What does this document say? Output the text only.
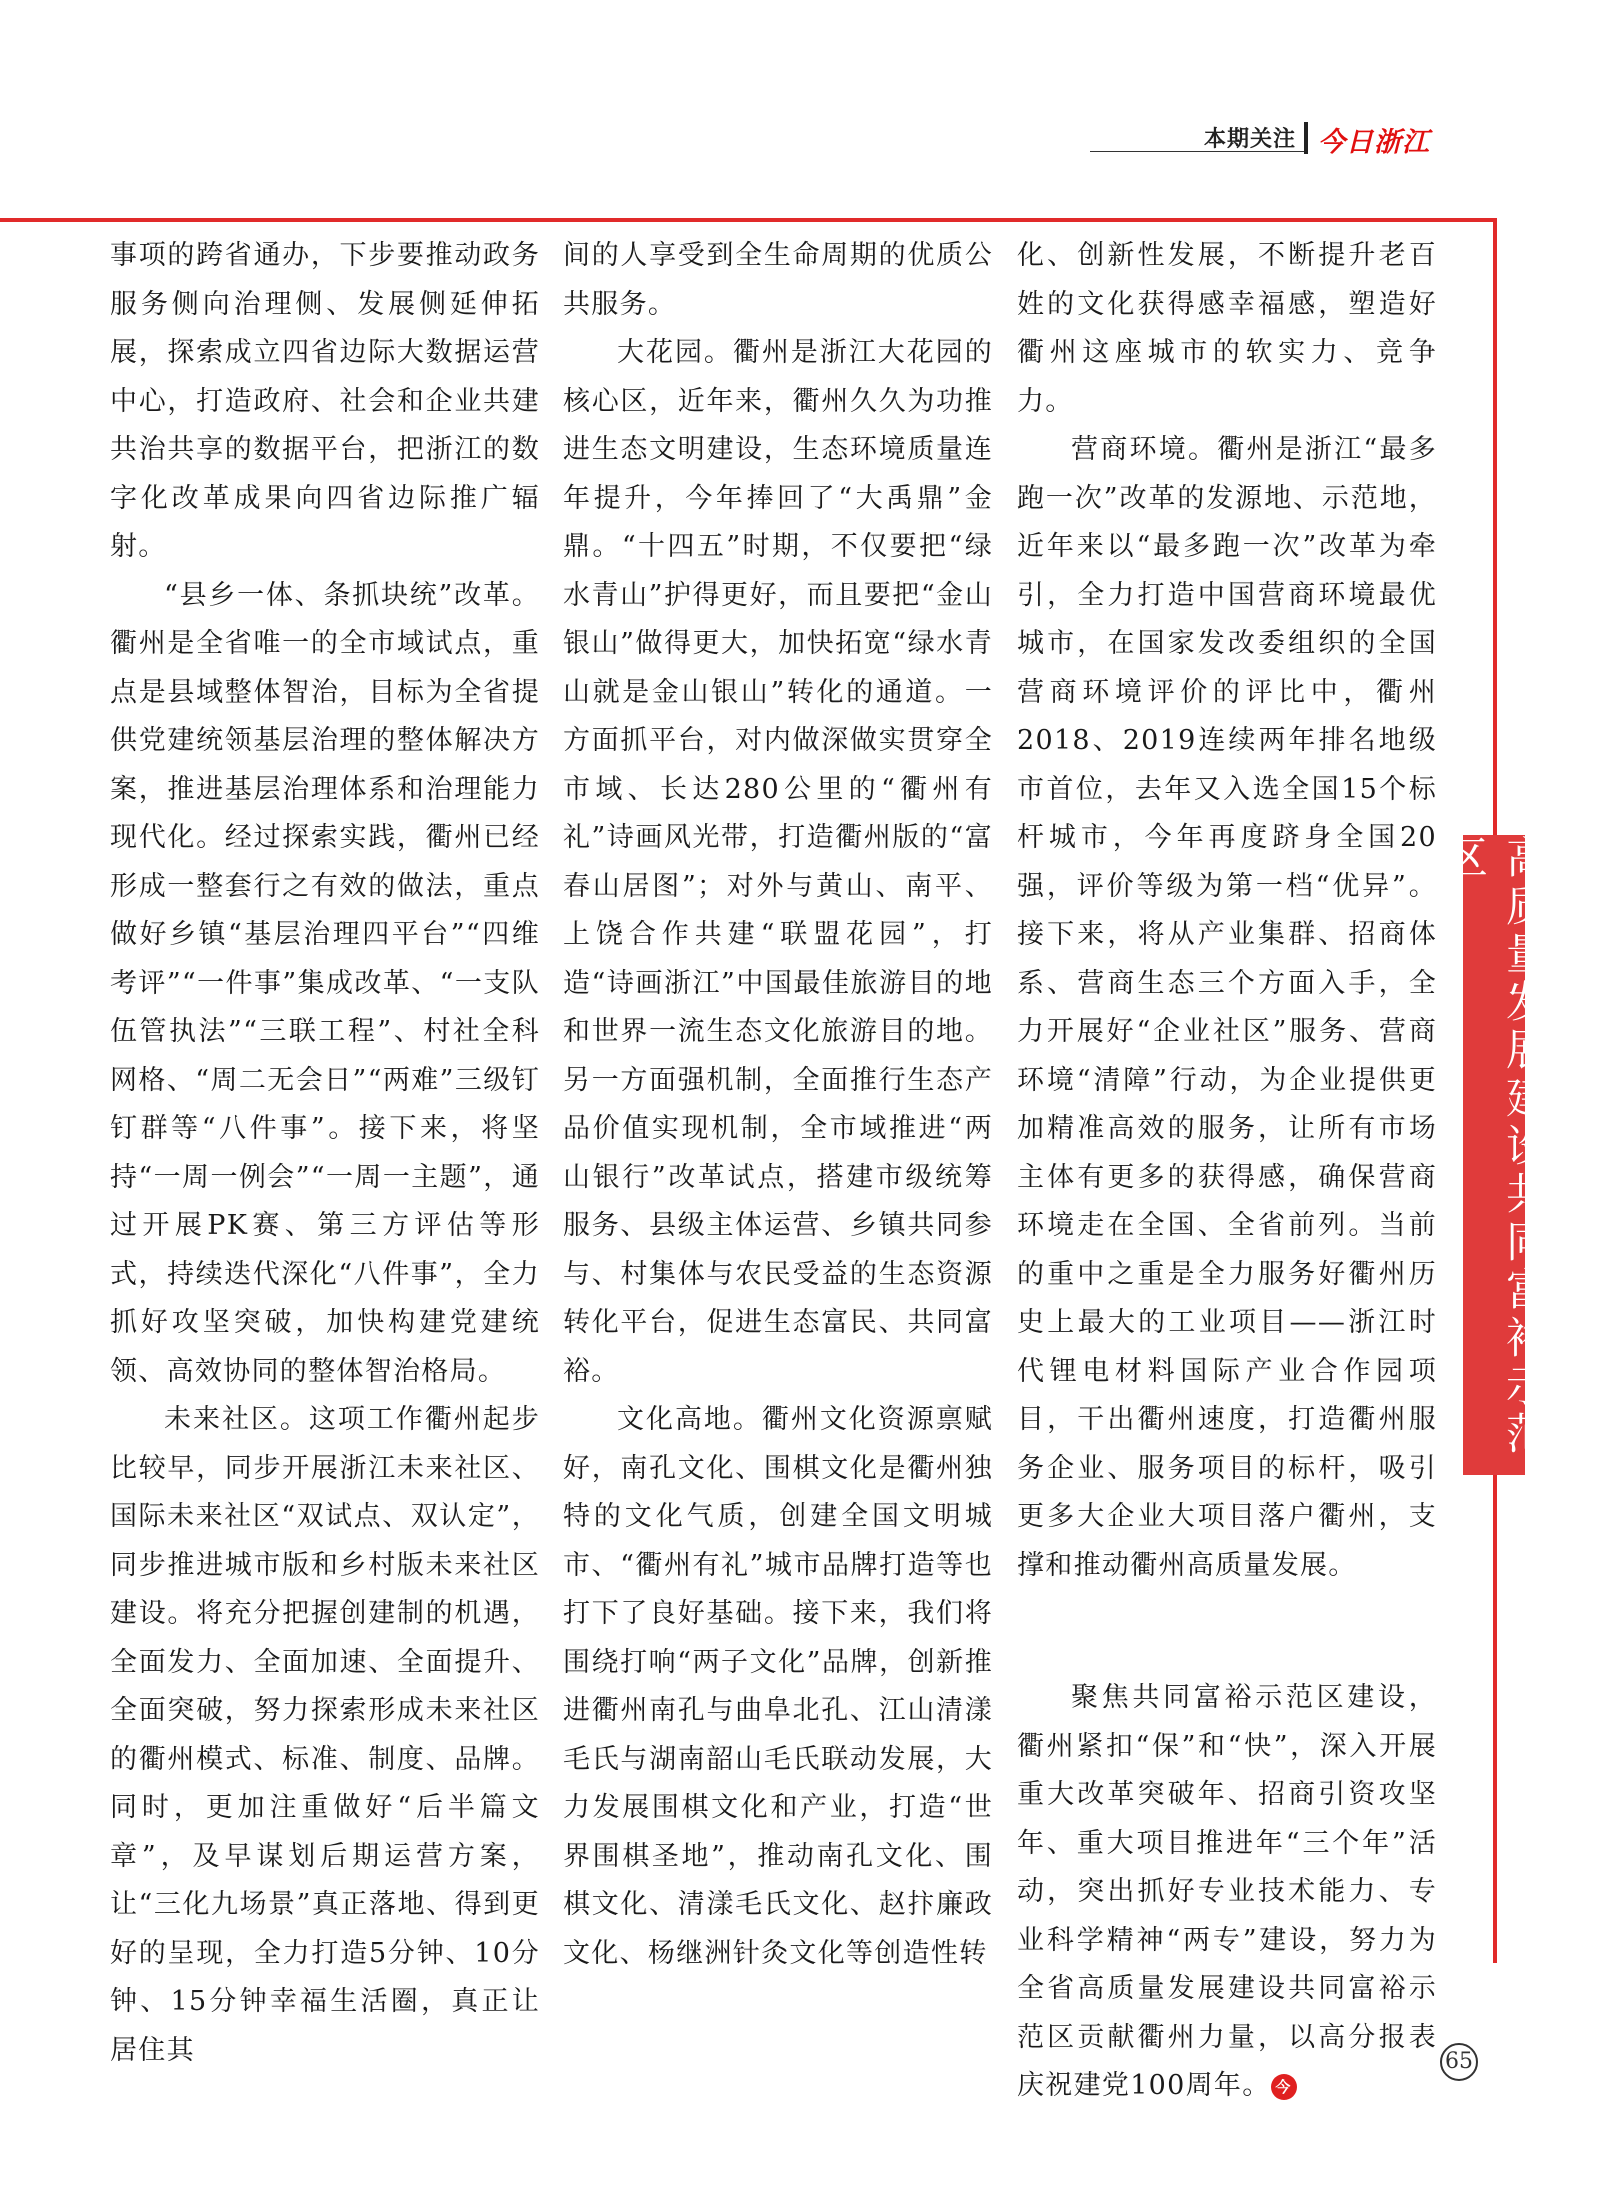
本期关注 今日浙江

事项的跨省通办，下步要推动政务服务侧向治理侧、发展侧延伸拓展，探索成立四省边际大数据运营中心，打造政府、社会和企业共建共治共享的数据平台，把浙江的数字化改革成果向四省边际推广辐射。

“县乡一体、条抓块统”改革。衢州是全省唯一的全市域试点，重点是县域整体智治，目标为全省提供党建统领基层治理的整体解决方案，推进基层治理体系和治理能力现代化。经过探索实践，衢州已经形成一整套行之有效的做法，重点做好乡镇“基层治理四平台”“四维考评”“一件事”集成改革、“一支队伍管执法”“三联工程”、村社全科网格、“周二无会日”“两难”三级钉钉群等“八件事”。接下来，将坚持“一周一例会”“一周一主题”，通过开展PK赛、第三方评估等形式，持续迭代深化“八件事”，全力抓好攻坚突破，加快构建党建统领、高效协同的整体智治格局。

未来社区。这项工作衢州起步比较早，同步开展浙江未来社区、国际未来社区“双试点、双认定”，同步推进城市版和乡村版未来社区建设。将充分把握创建制的机遇，全面发力、全面加速、全面提升、全面突破，努力探索形成未来社区的衢州模式、标准、制度、品牌。同时，更加注重做好“后半篇文章”，及早谋划后期运营方案，让“三化九场景”真正落地、得到更好的呈现，全力打造5分钟、10分钟、15分钟幸福生活圈，真正让居住其

间的人享受到全生命周期的优质公共服务。

大花园。衢州是浙江大花园的核心区，近年来，衢州久久为功推进生态文明建设，生态环境质量连年提升，今年捧回了“大禹鼎”金鼎。“十四五”时期，不仅要把“绿水青山”护得更好，而且要把“金山银山”做得更大，加快拓宽“绿水青山就是金山银山”转化的通道。一方面抓平台，对内做深做实贯穿全市域、长达280公里的“衢州有礼”诗画风光带，打造衢州版的“富春山居图”；对外与黄山、南平、上饶合作共建“联盟花园”，打造“诗画浙江”中国最佳旅游目的地和世界一流生态文化旅游目的地。另一方面强机制，全面推行生态产品价值实现机制，全市域推进“两山银行”改革试点，搭建市级统筹服务、县级主体运营、乡镇共同参与、村集体与农民受益的生态资源转化平台，促进生态富民、共同富裕。

文化高地。衢州文化资源禀赋好，南孔文化、围棋文化是衢州独特的文化气质，创建全国文明城市、“衢州有礼”城市品牌打造等也打下了良好基础。接下来，我们将围绕打响“两子文化”品牌，创新推进衢州南孔与曲阜北孔、江山清漾毛氏与湖南韶山毛氏联动发展，大力发展围棋文化和产业，打造“世界围棋圣地”，推动南孔文化、围棋文化、清漾毛氏文化、赵抃廉政文化、杨继洲针灸文化等创造性转

化、创新性发展，不断提升老百姓的文化获得感幸福感，塑造好衢州这座城市的软实力、竞争力。

营商环境。衢州是浙江“最多跑一次”改革的发源地、示范地，近年来以“最多跑一次”改革为牵引，全力打造中国营商环境最优城市，在国家发改委组织的全国营商环境评价的评比中，衢州2018、2019连续两年排名地级市首位，去年又入选全国15个标杆城市，今年再度跻身全国20强，评价等级为第一档“优异”。接下来，将从产业集群、招商体系、营商生态三个方面入手，全力开展好“企业社区”服务、营商环境“清障”行动，为企业提供更加精准高效的服务，让所有市场主体有更多的获得感，确保营商环境走在全国、全省前列。当前的重中之重是全力服务好衢州历史上最大的工业项目——浙江时代锂电材料国际产业合作园项目，干出衢州速度，打造衢州服务企业、服务项目的标杆，吸引更多大企业大项目落户衢州，支撑和推动衢州高质量发展。

聚焦共同富裕示范区建设，衢州紧扣“保”和“快”，深入开展重大改革突破年、招商引资攻坚年、重大项目推进年“三个年”活动，突出抓好专业技术能力、专业科学精神“两专”建设，努力为全省高质量发展建设共同富裕示范区贡献衢州力量，以高分报表庆祝建党100周年。 今

高质量发展建设共同富裕示范区
65
